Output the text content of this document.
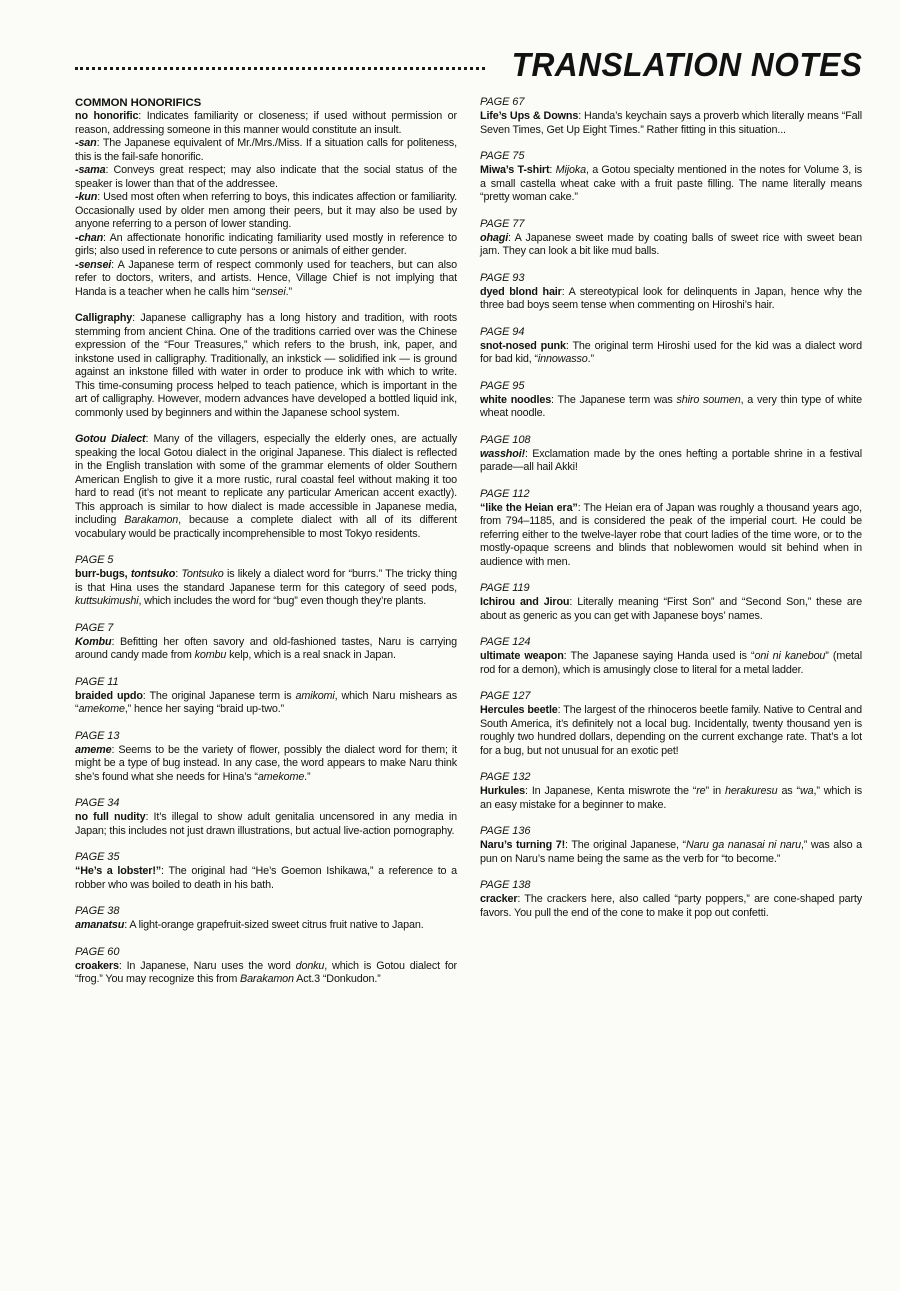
TRANSLATION NOTES
COMMON HONORIFICS

no honorific: Indicates familiarity or closeness; if used without permission or reason, addressing someone in this manner would constitute an insult.

-san: The Japanese equivalent of Mr./Mrs./Miss. If a situation calls for politeness, this is the fail-safe honorific.

-sama: Conveys great respect; may also indicate that the social status of the speaker is lower than that of the addressee.

-kun: Used most often when referring to boys, this indicates affection or familiarity. Occasionally used by older men among their peers, but it may also be used by anyone referring to a person of lower standing.

-chan: An affectionate honorific indicating familiarity used mostly in reference to girls; also used in reference to cute persons or animals of either gender.

-sensei: A Japanese term of respect commonly used for teachers, but can also refer to doctors, writers, and artists. Hence, Village Chief is not implying that Handa is a teacher when he calls him “sensei.”

Calligraphy: Japanese calligraphy has a long history and tradition, with roots stemming from ancient China. One of the traditions carried over was the Chinese expression of the “Four Treasures,” which refers to the brush, ink, paper, and inkstone used in calligraphy. Traditionally, an inkstick — solidified ink — is ground against an inkstone filled with water in order to produce ink with which to write. This time-consuming process helped to teach patience, which is important in the art of calligraphy. However, modern advances have developed a bottled liquid ink, commonly used by beginners and within the Japanese school system.

Gotou Dialect: Many of the villagers, especially the elderly ones, are actually speaking the local Gotou dialect in the original Japanese. This dialect is reflected in the English translation with some of the grammar elements of older Southern American English to give it a more rustic, rural coastal feel without making it too hard to read (it’s not meant to replicate any particular American accent exactly). This approach is similar to how dialect is made accessible in Japanese media, including Barakamon, because a complete dialect with all of its different vocabulary would be practically incomprehensible to most Tokyo residents.

PAGE 5

burr-bugs, tontsuko: Tontsuko is likely a dialect word for “burrs.” The tricky thing is that Hina uses the standard Japanese term for this category of seed pods, kuttsukimushi, which includes the word for “bug” even though they’re plants.

PAGE 7

Kombu: Befitting her often savory and old-fashioned tastes, Naru is carrying around candy made from kombu kelp, which is a real snack in Japan.

PAGE 11

braided updo: The original Japanese term is amikomi, which Naru mishears as “amekome,” hence her saying “braid up-two.”

PAGE 13

ameme: Seems to be the variety of flower, possibly the dialect word for them; it might be a type of bug instead. In any case, the word appears to make Naru think she’s found what she needs for Hina’s “amekome.”

PAGE 34

no full nudity: It’s illegal to show adult genitalia uncensored in any media in Japan; this includes not just drawn illustrations, but actual live-action pornography.

PAGE 35

“He’s a lobster!”: The original had “He’s Goemon Ishikawa,” a reference to a robber who was boiled to death in his bath.

PAGE 38

amanatsu: A light-orange grapefruit-sized sweet citrus fruit native to Japan.

PAGE 60

croakers: In Japanese, Naru uses the word donku, which is Gotou dialect for “frog.” You may recognize this from Barakamon Act.3 “Donkudon.”

PAGE 67

Life’s Ups & Downs: Handa’s keychain says a proverb which literally means “Fall Seven Times, Get Up Eight Times.” Rather fitting in this situation...

PAGE 75

Miwa’s T-shirt: Mijoka, a Gotou specialty mentioned in the notes for Volume 3, is a small castella wheat cake with a fruit paste filling. The name literally means “pretty woman cake.”

PAGE 77

ohagi: A Japanese sweet made by coating balls of sweet rice with sweet bean jam. They can look a bit like mud balls.

PAGE 93

dyed blond hair: A stereotypical look for delinquents in Japan, hence why the three bad boys seem tense when commenting on Hiroshi’s hair.

PAGE 94

snot-nosed punk: The original term Hiroshi used for the kid was a dialect word for bad kid, “innowasso.”

PAGE 95

white noodles: The Japanese term was shiro soumen, a very thin type of white wheat noodle.

PAGE 108

wasshoi!: Exclamation made by the ones hefting a portable shrine in a festival parade—all hail Akki!

PAGE 112

“like the Heian era”: The Heian era of Japan was roughly a thousand years ago, from 794–1185, and is considered the peak of the imperial court. He could be referring either to the twelve-layer robe that court ladies of the time wore, or to the mostly-opaque screens and blinds that noblewomen would sit behind when in audience with men.

PAGE 119

Ichirou and Jirou: Literally meaning “First Son” and “Second Son,” these are about as generic as you can get with Japanese boys’ names.

PAGE 124

ultimate weapon: The Japanese saying Handa used is “oni ni kanebou” (metal rod for a demon), which is amusingly close to literal for a metal ladder.

PAGE 127

Hercules beetle: The largest of the rhinoceros beetle family. Native to Central and South America, it’s definitely not a local bug. Incidentally, twenty thousand yen is roughly two hundred dollars, depending on the current exchange rate. That’s a lot for a bug, but not unusual for an exotic pet!

PAGE 132

Hurkules: In Japanese, Kenta miswrote the “re” in herakuresu as “wa,” which is an easy mistake for a beginner to make.

PAGE 136

Naru’s turning 7!: The original Japanese, “Naru ga nanasai ni naru,” was also a pun on Naru’s name being the same as the verb for “to become.”

PAGE 138

cracker: The crackers here, also called “party poppers,” are cone-shaped party favors. You pull the end of the cone to make it pop out confetti.
